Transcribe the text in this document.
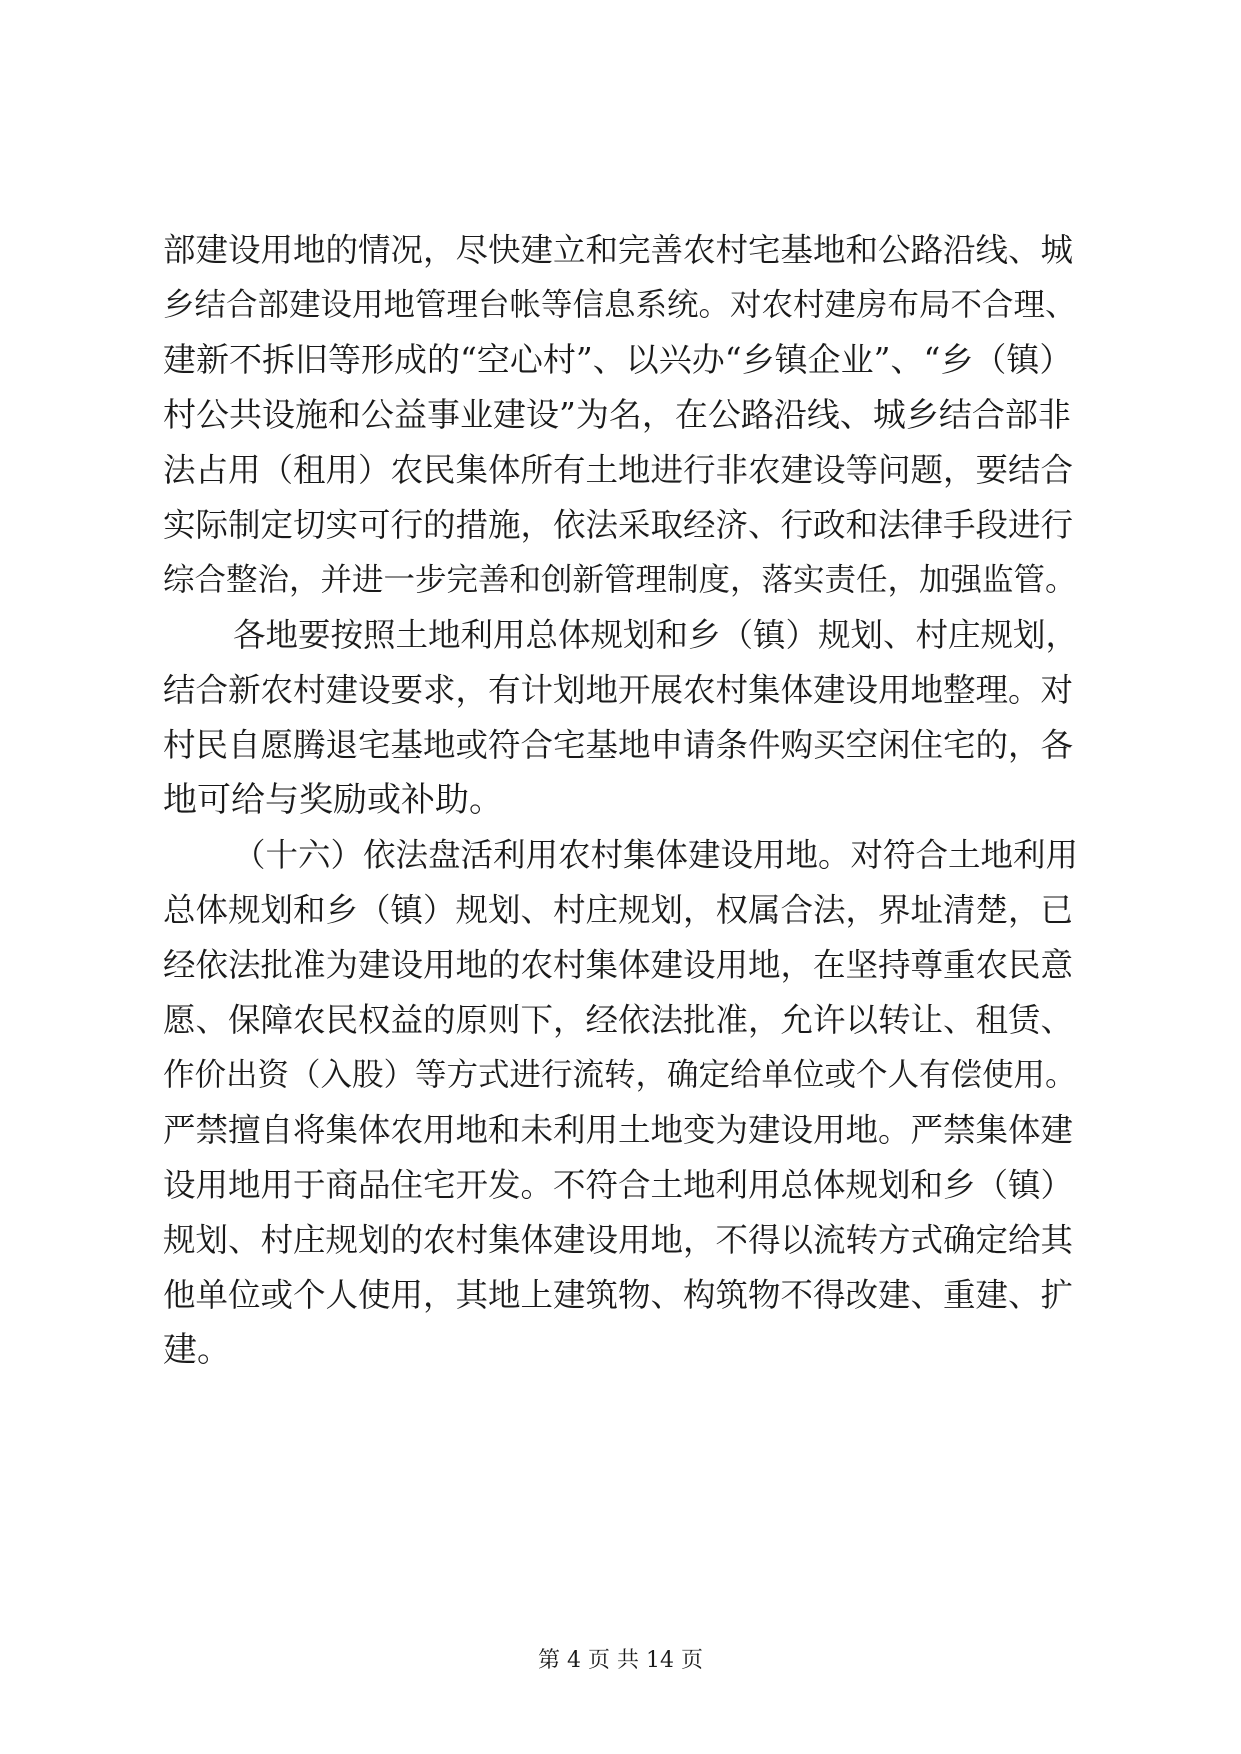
部建设用地的情况，尽快建立和完善农村宅基地和公路沿线、城
乡结合部建设用地管理台帐等信息系统。对农村建房布局不合理、
建新不拆旧等形成的“空心村”、以兴办“乡镇企业”、“乡（镇）
村公共设施和公益事业建设”为名，在公路沿线、城乡结合部非
法占用（租用）农民集体所有土地进行非农建设等问题，要结合
实际制定切实可行的措施，依法采取经济、行政和法律手段进行
综合整治，并进一步完善和创新管理制度，落实责任，加强监管。
各地要按照土地利用总体规划和乡（镇）规划、村庄规划，
结合新农村建设要求，有计划地开展农村集体建设用地整理。对
村民自愿腾退宅基地或符合宅基地申请条件购买空闲住宅的，各
地可给与奖励或补助。
（十六）依法盘活利用农村集体建设用地。对符合土地利用
总体规划和乡（镇）规划、村庄规划，权属合法，界址清楚，已
经依法批准为建设用地的农村集体建设用地，在坚持尊重农民意
愿、保障农民权益的原则下，经依法批准，允许以转让、租赁、
作价出资（入股）等方式进行流转，确定给单位或个人有偿使用。
严禁擅自将集体农用地和未利用土地变为建设用地。严禁集体建
设用地用于商品住宅开发。不符合土地利用总体规划和乡（镇）
规划、村庄规划的农村集体建设用地，不得以流转方式确定给其
他单位或个人使用，其地上建筑物、构筑物不得改建、重建、扩
建。
第 4 页 共 14 页
